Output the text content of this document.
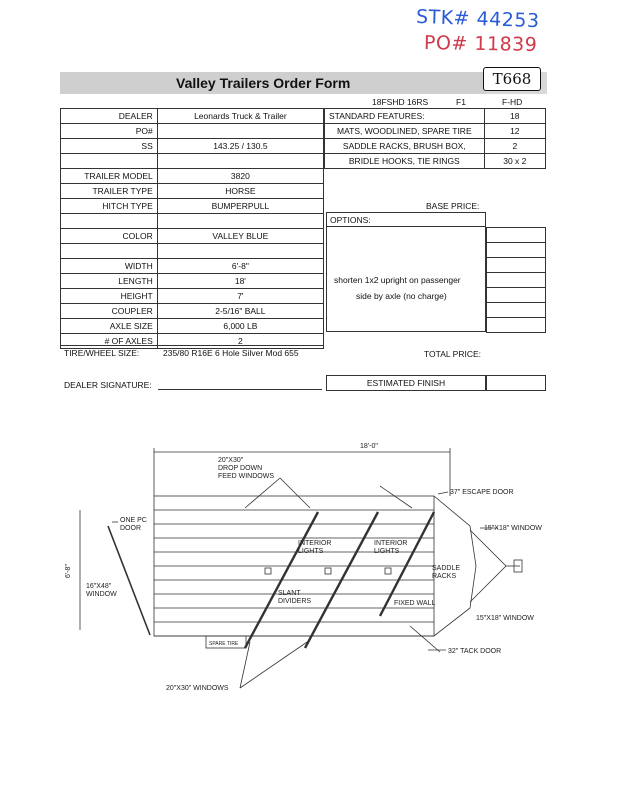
STK# 44253
PO# 11839
Valley Trailers Order Form	T668
DEALER	Leonards Truck & Trailer
PO#	
SS	143.25 / 130.5

TRAILER MODEL	3820
TRAILER TYPE	HORSE
HITCH TYPE	BUMPERPULL

COLOR	VALLEY BLUE

WIDTH	6'-8"
LENGTH	18'
HEIGHT	7'
COUPLER	2-5/16" BALL
AXLE SIZE	6,000 LB
# OF AXLES	2
TIRE/WHEEL SIZE:	235/80 R16E 6 Hole Silver Mod 655
18FSHD 16RS	F1	F-HD
STANDARD FEATURES:	18
MATS, WOODLINED, SPARE TIRE	12
SADDLE RACKS, BRUSH BOX,	2
BRIDLE HOOKS, TIE RINGS	30 x 2
BASE PRICE:
OPTIONS:
shorten 1x2 upright on passenger
side by axle (no charge)

TOTAL PRICE:
DEALER SIGNATURE:	ESTIMATED FINISH
18'-0"
6'-8"
20"X30"
DROP DOWN
FEED WINDOWS
37" ESCAPE DOOR
15"X18" WINDOW
ONE PC
DOOR
INTERIOR
LIGHTS
INTERIOR
LIGHTS
SADDLE
RACKS
16"X48"
WINDOW	SLANT
DIVIDERS	FIXED WALL
15"X18" WINDOW
SPARE TIRE
32" TACK DOOR
20"X30" WINDOWS
